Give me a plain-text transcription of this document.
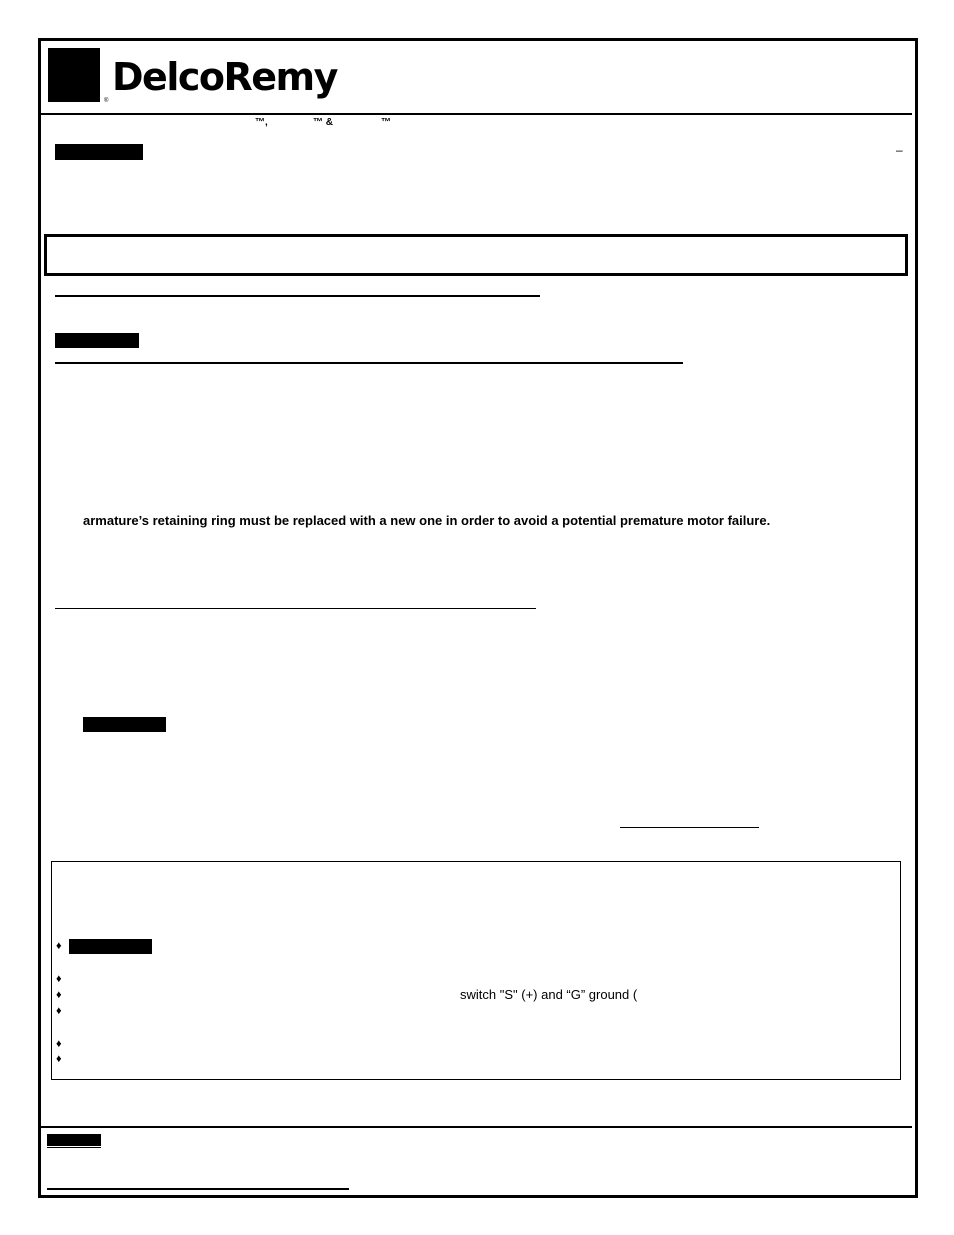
DelcoRemy
®
™,	™ &	™
–
armature’s retaining ring must be replaced with a new one in order to avoid a potential premature motor failure.
♦
♦
♦	switch "S" (+) and “G” ground (
♦
♦
♦
